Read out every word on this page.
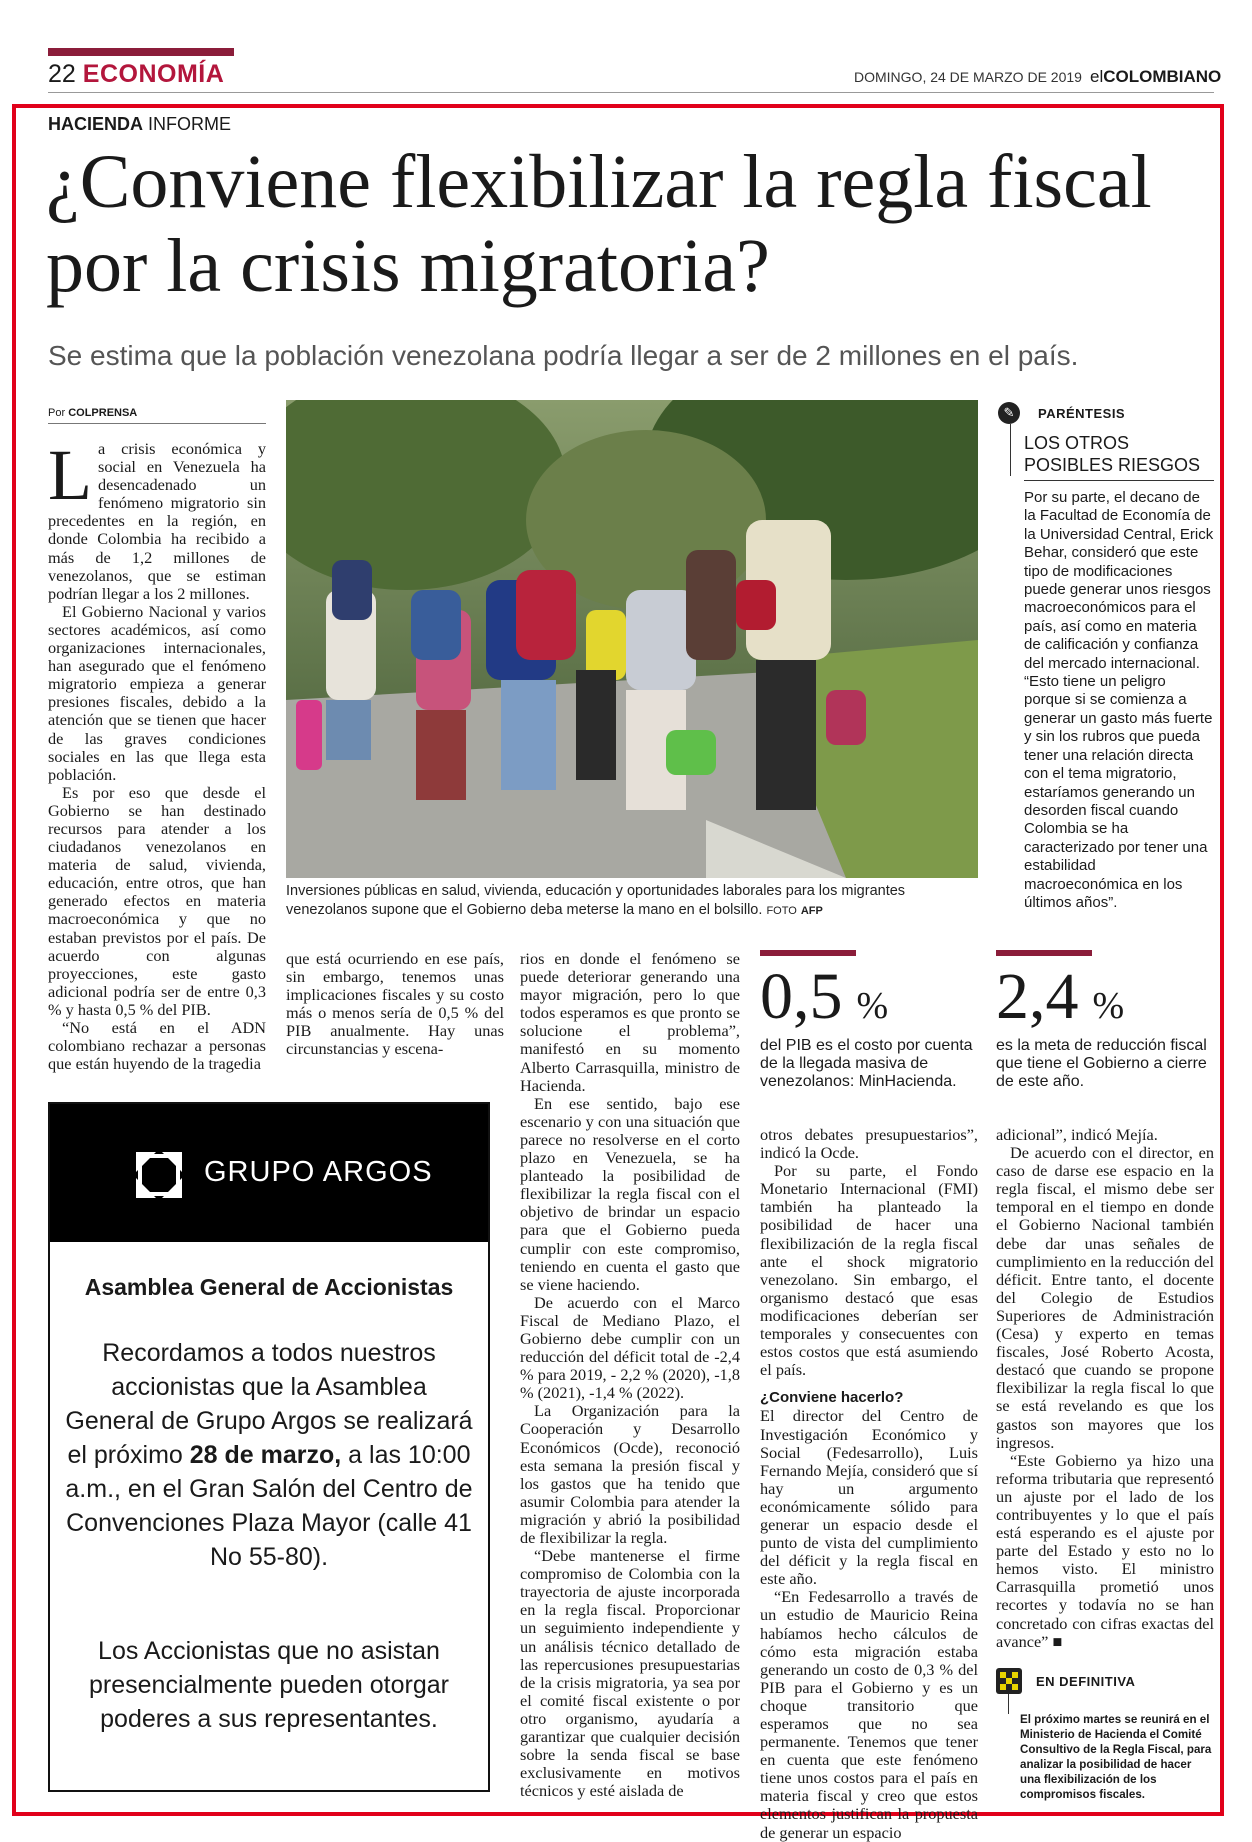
22 ECONOMÍA	DOMINGO, 24 DE MARZO DE 2019 elCOLOMBIANO
HACIENDA INFORME
¿Conviene flexibilizar la regla fiscal por la crisis migratoria?
Se estima que la población venezolana podría llegar a ser de 2 millones en el país.
Por COLPRENSA

La crisis económica y social en Venezuela ha desencadenado un fenómeno migratorio sin precedentes en la región, en donde Colombia ha recibido a más de 1,2 millones de venezolanos, que se estiman podrían llegar a los 2 millones.

El Gobierno Nacional y varios sectores académicos, así como organizaciones internacionales, han asegurado que el fenómeno migratorio empieza a generar presiones fiscales, debido a la atención que se tienen que hacer de las graves condiciones sociales en las que llega esta población.

Es por eso que desde el Gobierno se han destinado recursos para atender a los ciudadanos venezolanos en materia de salud, vivienda, educación, entre otros, que han generado efectos en materia macroeconómica y que no estaban previstos por el país. De acuerdo con algunas proyecciones, este gasto adicional podría ser de entre 0,3 % y hasta 0,5 % del PIB.

“No está en el ADN colombiano rechazar a personas que están huyendo de la tragedia

Inversiones públicas en salud, vivienda, educación y oportunidades laborales para los migrantes venezolanos supone que el Gobierno deba meterse la mano en el bolsillo. FOTO AFP
✎	PARÉNTESIS
LOS OTROS POSIBLES RIESGOS
Por su parte, el decano de la Facultad de Economía de la Universidad Central, Erick Behar, consideró que este tipo de modificaciones puede generar unos riesgos macroeconómicos para el país, así como en materia de calificación y confianza del mercado internacional. “Esto tiene un peligro porque si se comienza a generar un gasto más fuerte y sin los rubros que pueda tener una relación directa con el tema migratorio, estaríamos generando un desorden fiscal cuando Colombia se ha caracterizado por tener una estabilidad macroeconómica en los últimos años”.

que está ocurriendo en ese país, sin embargo, tenemos unas implicaciones fiscales y su costo más o menos sería de 0,5 % del PIB anualmente. Hay unas circunstancias y escena-

rios en donde el fenómeno se puede deteriorar generando una mayor migración, pero lo que todos esperamos es que pronto se solucione el problema”, manifestó en su momento Alberto Carrasquilla, ministro de Hacienda.

En ese sentido, bajo ese escenario y con una situación que parece no resolverse en el corto plazo en Venezuela, se ha planteado la posibilidad de flexibilizar la regla fiscal con el objetivo de brindar un espacio para que el Gobierno pueda cumplir con este compromiso, teniendo en cuenta el gasto que se viene haciendo.

De acuerdo con el Marco Fiscal de Mediano Plazo, el Gobierno debe cumplir con un reducción del déficit total de -2,4 % para 2019, - 2,2 % (2020), -1,8 % (2021), -1,4 % (2022).

La Organización para la Cooperación y Desarrollo Económicos (Ocde), reconoció esta semana la presión fiscal y los gastos que ha tenido que asumir Colombia para atender la migración y abrió la posibilidad de flexibilizar la regla.

“Debe mantenerse el firme compromiso de Colombia con la trayectoria de ajuste incorporada en la regla fiscal. Proporcionar un seguimiento independiente y un análisis técnico detallado de las repercusiones presupuestarias de la crisis migratoria, ya sea por el comité fiscal existente o por otro organismo, ayudaría a garantizar que cualquier decisión sobre la senda fiscal se base exclusivamente en motivos técnicos y esté aislada de

0,5 %
del PIB es el costo por cuenta de la llegada masiva de venezolanos: MinHacienda.
2,4 %
es la meta de reducción fiscal que tiene el Gobierno a cierre de este año.

otros debates presupuestarios”, indicó la Ocde.

Por su parte, el Fondo Monetario Internacional (FMI) también ha planteado la posibilidad de hacer una flexibilización de la regla fiscal ante el shock migratorio venezolano. Sin embargo, el organismo destacó que esas modificaciones deberían ser temporales y consecuentes con estos costos que está asumiendo el país.

¿Conviene hacerlo?

El director del Centro de Investigación Económico y Social (Fedesarrollo), Luis Fernando Mejía, consideró que sí hay un argumento económicamente sólido para generar un espacio desde el punto de vista del cumplimiento del déficit y la regla fiscal en este año.

“En Fedesarrollo a través de un estudio de Mauricio Reina habíamos hecho cálculos de cómo esta migración estaba generando un costo de 0,3 % del PIB para el Gobierno y es un choque transitorio que esperamos que no sea permanente. Tenemos que tener en cuenta que este fenómeno tiene unos costos para el país en materia fiscal y creo que estos elementos justifican la propuesta de generar un espacio

adicional”, indicó Mejía.

De acuerdo con el director, en caso de darse ese espacio en la regla fiscal, el mismo debe ser temporal en el tiempo en donde el Gobierno Nacional también debe dar unas señales de cumplimiento en la reducción del déficit. Entre tanto, el docente del Colegio de Estudios Superiores de Administración (Cesa) y experto en temas fiscales, José Roberto Acosta, destacó que cuando se propone flexibilizar la regla fiscal lo que se está revelando es que los gastos son mayores que los ingresos.

“Este Gobierno ya hizo una reforma tributaria que representó un ajuste por el lado de los contribuyentes y lo que el país está esperando es el ajuste por parte del Estado y esto no lo hemos visto. El ministro Carrasquilla prometió unos recortes y todavía no se han concretado con cifras exactas del avance” ■

EN DEFINITIVA
El próximo martes se reunirá en el Ministerio de Hacienda el Comité Consultivo de la Regla Fiscal, para analizar la posibilidad de hacer una flexibilización de los compromisos fiscales.
GRUPO ARGOS
Asamblea General de Accionistas
Recordamos a todos nuestros accionistas que la Asamblea General de Grupo Argos se realizará el próximo 28 de marzo, a las 10:00 a.m., en el Gran Salón del Centro de Convenciones Plaza Mayor (calle 41 No 55-80).
Los Accionistas que no asistan presencialmente pueden otorgar poderes a sus representantes.
